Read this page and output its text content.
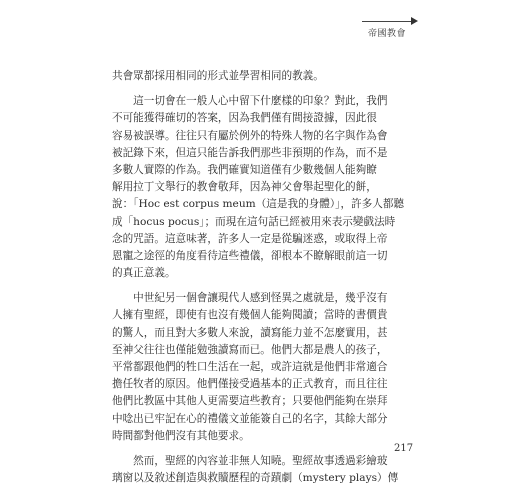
帝國教會
共會眾都採用相同的形式並學習相同的教義。
　　這一切會在一般人心中留下什麼樣的印象？對此，我們
不可能獲得確切的答案，因為我們僅有間接證據，因此很
容易被誤導。往往只有屬於例外的特殊人物的名字與作為會
被記錄下來，但這只能告訴我們那些非預期的作為，而不是
多數人實際的作為。我們確實知道僅有少數幾個人能夠瞭
解用拉丁文舉行的教會敬拜，因為神父會舉起聖化的餅，
說：「Hoc est corpus meum（這是我的身體）」，許多人都聽
成「hocus pocus」；而現在這句話已經被用來表示變戲法時
念的咒語。這意味著，許多人一定是從騙迷惑，或取得上帝
恩寵之途徑的角度看待這些禮儀，卻根本不瞭解眼前這一切
的真正意義。
　　中世紀另一個會讓現代人感到怪異之處就是，幾乎沒有
人擁有聖經，即使有也沒有幾個人能夠閱讀；當時的書價貴
的驚人，而且對大多數人來說，讀寫能力並不怎麼實用，甚
至神父往往也僅能勉強讀寫而已。他們大都是農人的孩子，
平常都跟他們的牲口生活在一起，或許這就是他們非常適合
擔任牧者的原因。他們僅接受過基本的正式教育，而且往往
他們比教區中其他人更需要這些教育；只要他們能夠在崇拜
中唸出已牢記在心的禮儀文並能簽自己的名字，其餘大部分
時間都對他們沒有其他要求。
　　然而，聖經的內容並非無人知曉。聖經故事透過彩繪玻
璃窗以及敘述創造與救贖歷程的奇蹟劇（mystery plays）傳
217
